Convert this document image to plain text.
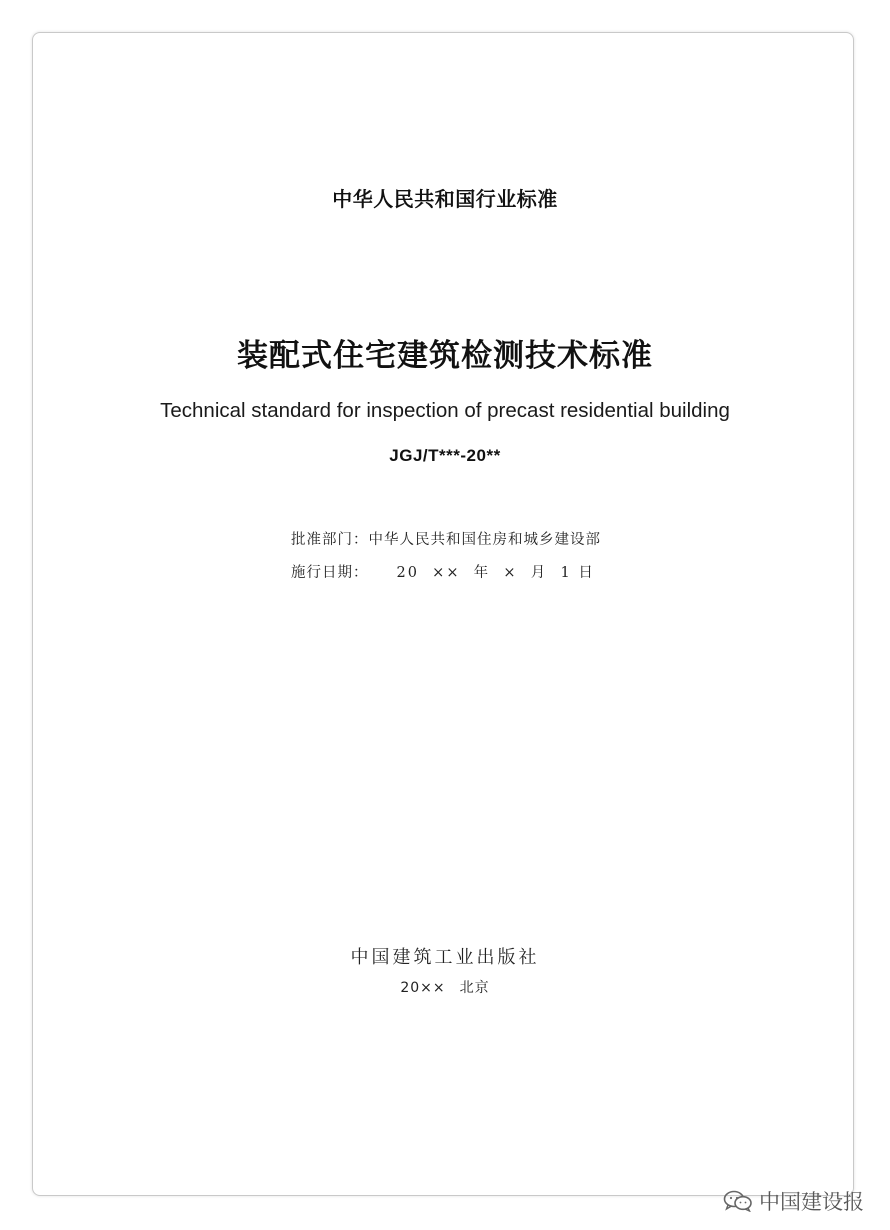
中华人民共和国行业标准
装配式住宅建筑检测技术标准
Technical standard for inspection of precast residential building
JGJ/T***-20**
批准部门：中华人民共和国住房和城乡建设部
施行日期： 20  ××  年  ×  月  1 日
中国建筑工业出版社
20×× 北京
中国建设报
